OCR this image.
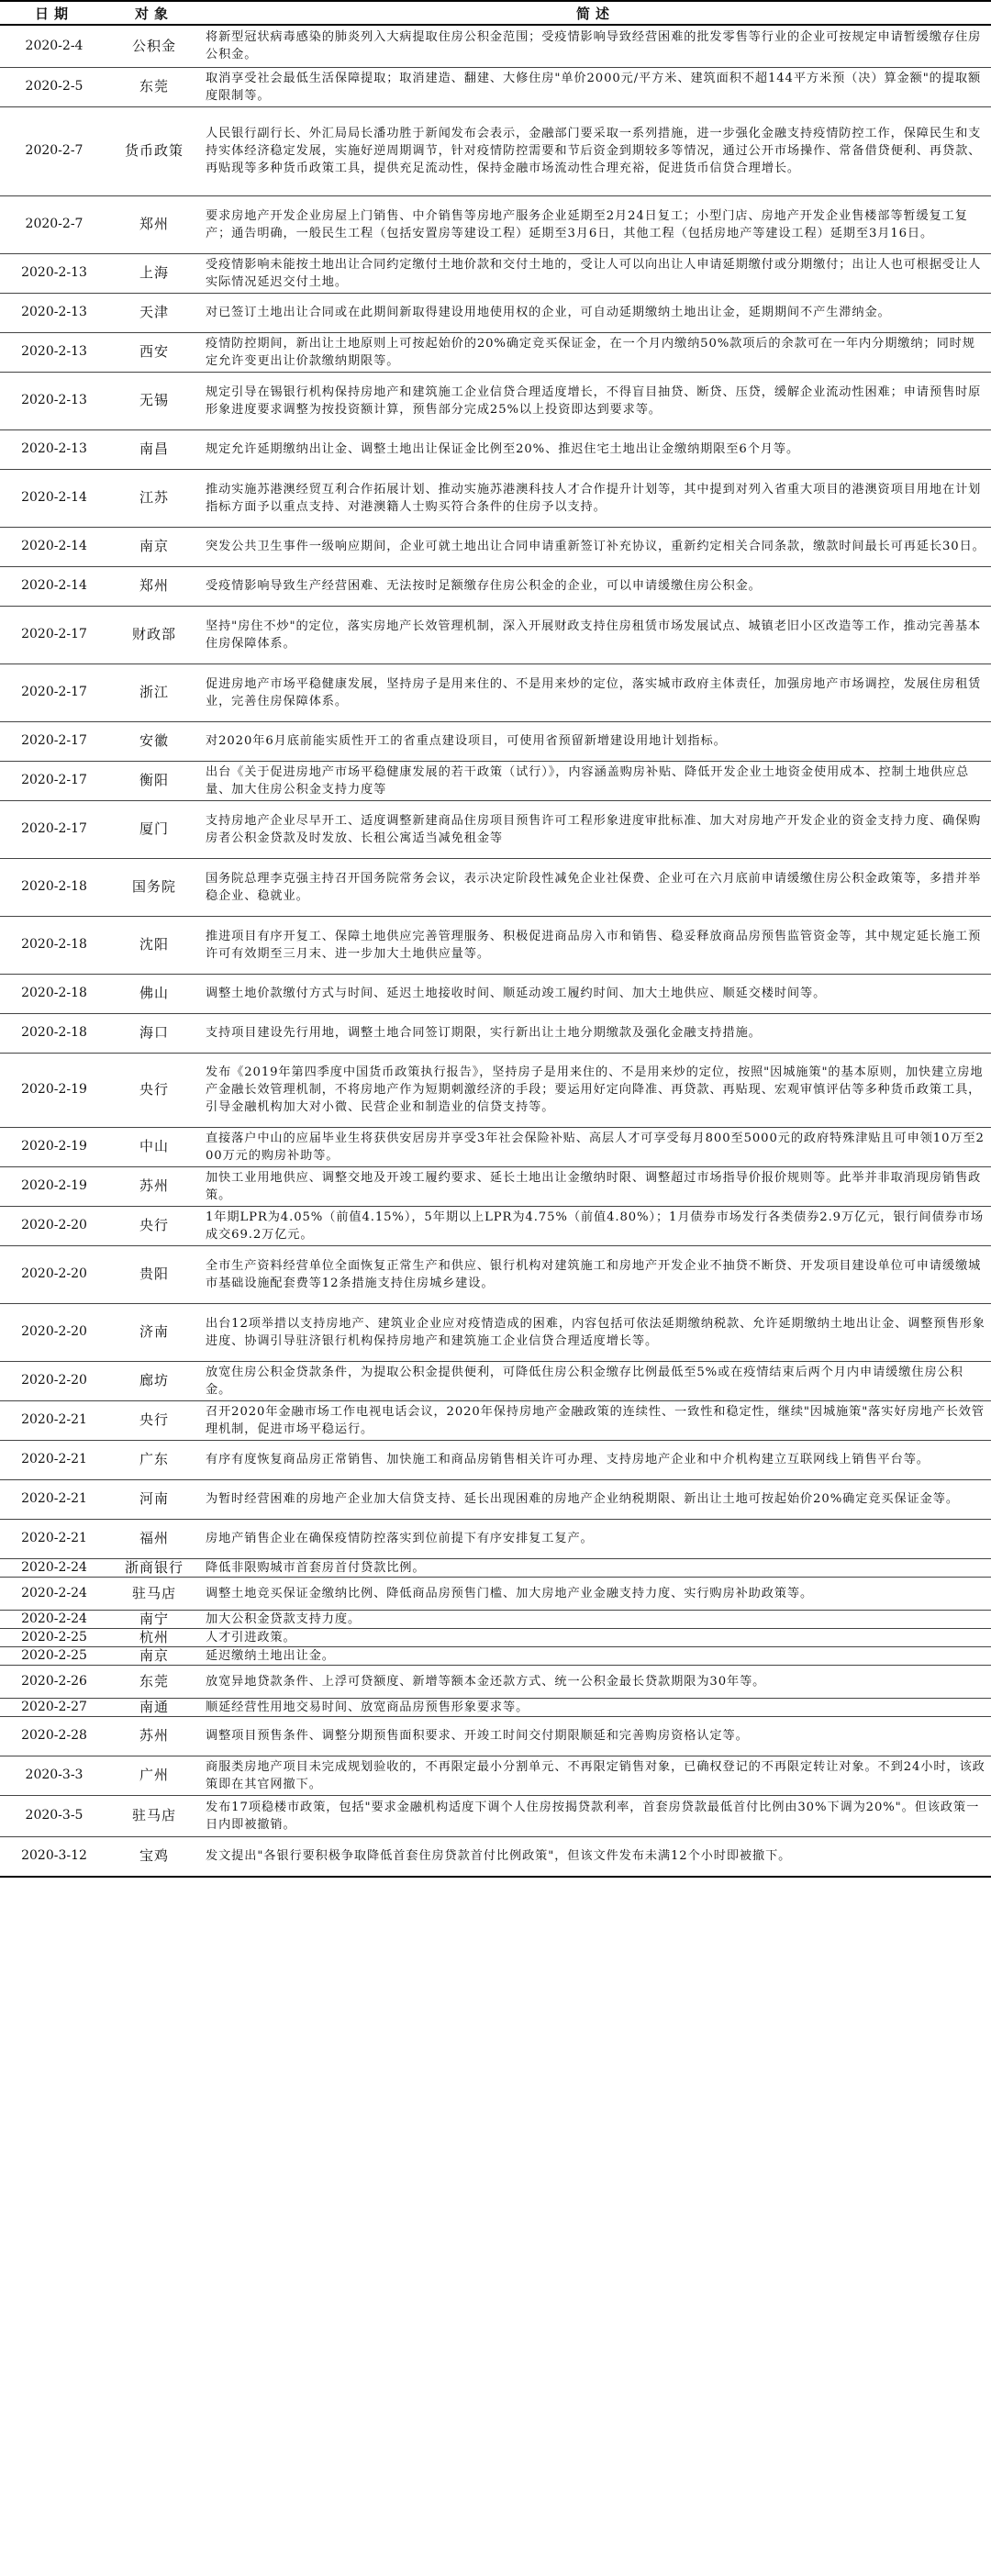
日期	对象	简述
2020-2-4	公积金	将新型冠状病毒感染的肺炎列入大病提取住房公积金范围；受疫情影响导致经营困难的批发零售等行业的企业可按规定申请暂缓缴存住房公积金。
2020-2-5	东莞	取消享受社会最低生活保障提取；取消建造、翻建、大修住房"单价2000元/平方米、建筑面积不超144平方米预（决）算金额"的提取额度限制等。
2020-2-7	货币政策	人民银行副行长、外汇局局长潘功胜于新闻发布会表示，金融部门要采取一系列措施，进一步强化金融支持疫情防控工作，保障民生和支持实体经济稳定发展，实施好逆周期调节，针对疫情防控需要和节后资金到期较多等情况，通过公开市场操作、常备借贷便利、再贷款、再贴现等多种货币政策工具，提供充足流动性，保持金融市场流动性合理充裕，促进货币信贷合理增长。
2020-2-7	郑州	要求房地产开发企业房屋上门销售、中介销售等房地产服务企业延期至2月24日复工；小型门店、房地产开发企业售楼部等暂缓复工复产；通告明确，一般民生工程（包括安置房等建设工程）延期至3月6日，其他工程（包括房地产等建设工程）延期至3月16日。
2020-2-13	上海	受疫情影响未能按土地出让合同约定缴付土地价款和交付土地的，受让人可以向出让人申请延期缴付或分期缴付；出让人也可根据受让人实际情况延迟交付土地。
2020-2-13	天津	对已签订土地出让合同或在此期间新取得建设用地使用权的企业，可自动延期缴纳土地出让金，延期期间不产生滞纳金。
2020-2-13	西安	疫情防控期间，新出让土地原则上可按起始价的20%确定竞买保证金，在一个月内缴纳50%款项后的余款可在一年内分期缴纳；同时规定允许变更出让价款缴纳期限等。
2020-2-13	无锡	规定引导在锡银行机构保持房地产和建筑施工企业信贷合理适度增长，不得盲目抽贷、断贷、压贷，缓解企业流动性困难；申请预售时原形象进度要求调整为按投资额计算，预售部分完成25%以上投资即达到要求等。
2020-2-13	南昌	规定允许延期缴纳出让金、调整土地出让保证金比例至20%、推迟住宅土地出让金缴纳期限至6个月等。
2020-2-14	江苏	推动实施苏港澳经贸互利合作拓展计划、推动实施苏港澳科技人才合作提升计划等，其中提到对列入省重大项目的港澳资项目用地在计划指标方面予以重点支持、对港澳籍人士购买符合条件的住房予以支持。
2020-2-14	南京	突发公共卫生事件一级响应期间，企业可就土地出让合同申请重新签订补充协议，重新约定相关合同条款，缴款时间最长可再延长30日。
2020-2-14	郑州	受疫情影响导致生产经营困难、无法按时足额缴存住房公积金的企业，可以申请缓缴住房公积金。
2020-2-17	财政部	坚持"房住不炒"的定位，落实房地产长效管理机制，深入开展财政支持住房租赁市场发展试点、城镇老旧小区改造等工作，推动完善基本住房保障体系。
2020-2-17	浙江	促进房地产市场平稳健康发展，坚持房子是用来住的、不是用来炒的定位，落实城市政府主体责任，加强房地产市场调控，发展住房租赁业，完善住房保障体系。
2020-2-17	安徽	对2020年6月底前能实质性开工的省重点建设项目，可使用省预留新增建设用地计划指标。
2020-2-17	衡阳	出台《关于促进房地产市场平稳健康发展的若干政策（试行）》，内容涵盖购房补贴、降低开发企业土地资金使用成本、控制土地供应总量、加大住房公积金支持力度等
2020-2-17	厦门	支持房地产企业尽早开工、适度调整新建商品住房项目预售许可工程形象进度审批标准、加大对房地产开发企业的资金支持力度、确保购房者公积金贷款及时发放、长租公寓适当减免租金等
2020-2-18	国务院	国务院总理李克强主持召开国务院常务会议，表示决定阶段性减免企业社保费、企业可在六月底前申请缓缴住房公积金政策等，多措并举稳企业、稳就业。
2020-2-18	沈阳	推进项目有序开复工、保障土地供应完善管理服务、积极促进商品房入市和销售、稳妥释放商品房预售监管资金等，其中规定延长施工预许可有效期至三月末、进一步加大土地供应量等。
2020-2-18	佛山	调整土地价款缴付方式与时间、延迟土地接收时间、顺延动竣工履约时间、加大土地供应、顺延交楼时间等。
2020-2-18	海口	支持项目建设先行用地，调整土地合同签订期限，实行新出让土地分期缴款及强化金融支持措施。
2020-2-19	央行	发布《2019年第四季度中国货币政策执行报告》，坚持房子是用来住的、不是用来炒的定位，按照"因城施策"的基本原则，加快建立房地产金融长效管理机制，不将房地产作为短期刺激经济的手段；要运用好定向降准、再贷款、再贴现、宏观审慎评估等多种货币政策工具，引导金融机构加大对小微、民营企业和制造业的信贷支持等。
2020-2-19	中山	直接落户中山的应届毕业生将获供安居房并享受3年社会保险补贴、高层人才可享受每月800至5000元的政府特殊津贴且可申领10万至200万元的购房补助等。
2020-2-19	苏州	加快工业用地供应、调整交地及开竣工履约要求、延长土地出让金缴纳时限、调整超过市场指导价报价规则等。此举并非取消现房销售政策。
2020-2-20	央行	1年期LPR为4.05%（前值4.15%），5年期以上LPR为4.75%（前值4.80%）；1月债券市场发行各类债券2.9万亿元，银行间债券市场成交69.2万亿元。
2020-2-20	贵阳	全市生产资料经营单位全面恢复正常生产和供应、银行机构对建筑施工和房地产开发企业不抽贷不断贷、开发项目建设单位可申请缓缴城市基础设施配套费等12条措施支持住房城乡建设。
2020-2-20	济南	出台12项举措以支持房地产、建筑业企业应对疫情造成的困难，内容包括可依法延期缴纳税款、允许延期缴纳土地出让金、调整预售形象进度、协调引导驻济银行机构保持房地产和建筑施工企业信贷合理适度增长等。
2020-2-20	廊坊	放宽住房公积金贷款条件，为提取公积金提供便利，可降低住房公积金缴存比例最低至5%或在疫情结束后两个月内申请缓缴住房公积金。
2020-2-21	央行	召开2020年金融市场工作电视电话会议，2020年保持房地产金融政策的连续性、一致性和稳定性，继续"因城施策"落实好房地产长效管理机制，促进市场平稳运行。
2020-2-21	广东	有序有度恢复商品房正常销售、加快施工和商品房销售相关许可办理、支持房地产企业和中介机构建立互联网线上销售平台等。
2020-2-21	河南	为暂时经营困难的房地产企业加大信贷支持、延长出现困难的房地产企业纳税期限、新出让土地可按起始价20%确定竞买保证金等。
2020-2-21	福州	房地产销售企业在确保疫情防控落实到位前提下有序安排复工复产。
2020-2-24	浙商银行	降低非限购城市首套房首付贷款比例。
2020-2-24	驻马店	调整土地竞买保证金缴纳比例、降低商品房预售门槛、加大房地产业金融支持力度、实行购房补助政策等。
2020-2-24	南宁	加大公积金贷款支持力度。
2020-2-25	杭州	人才引进政策。
2020-2-25	南京	延迟缴纳土地出让金。
2020-2-26	东莞	放宽异地贷款条件、上浮可贷额度、新增等额本金还款方式、统一公积金最长贷款期限为30年等。
2020-2-27	南通	顺延经营性用地交易时间、放宽商品房预售形象要求等。
2020-2-28	苏州	调整项目预售条件、调整分期预售面积要求、开竣工时间交付期限顺延和完善购房资格认定等。
2020-3-3	广州	商服类房地产项目未完成规划验收的，不再限定最小分割单元、不再限定销售对象，已确权登记的不再限定转让对象。不到24小时，该政策即在其官网撤下。
2020-3-5	驻马店	发布17项稳楼市政策，包括"要求金融机构适度下调个人住房按揭贷款利率，首套房贷款最低首付比例由30%下调为20%"。但该政策一日内即被撤销。
2020-3-12	宝鸡	发文提出"各银行要积极争取降低首套住房贷款首付比例政策"，但该文件发布未满12个小时即被撤下。
